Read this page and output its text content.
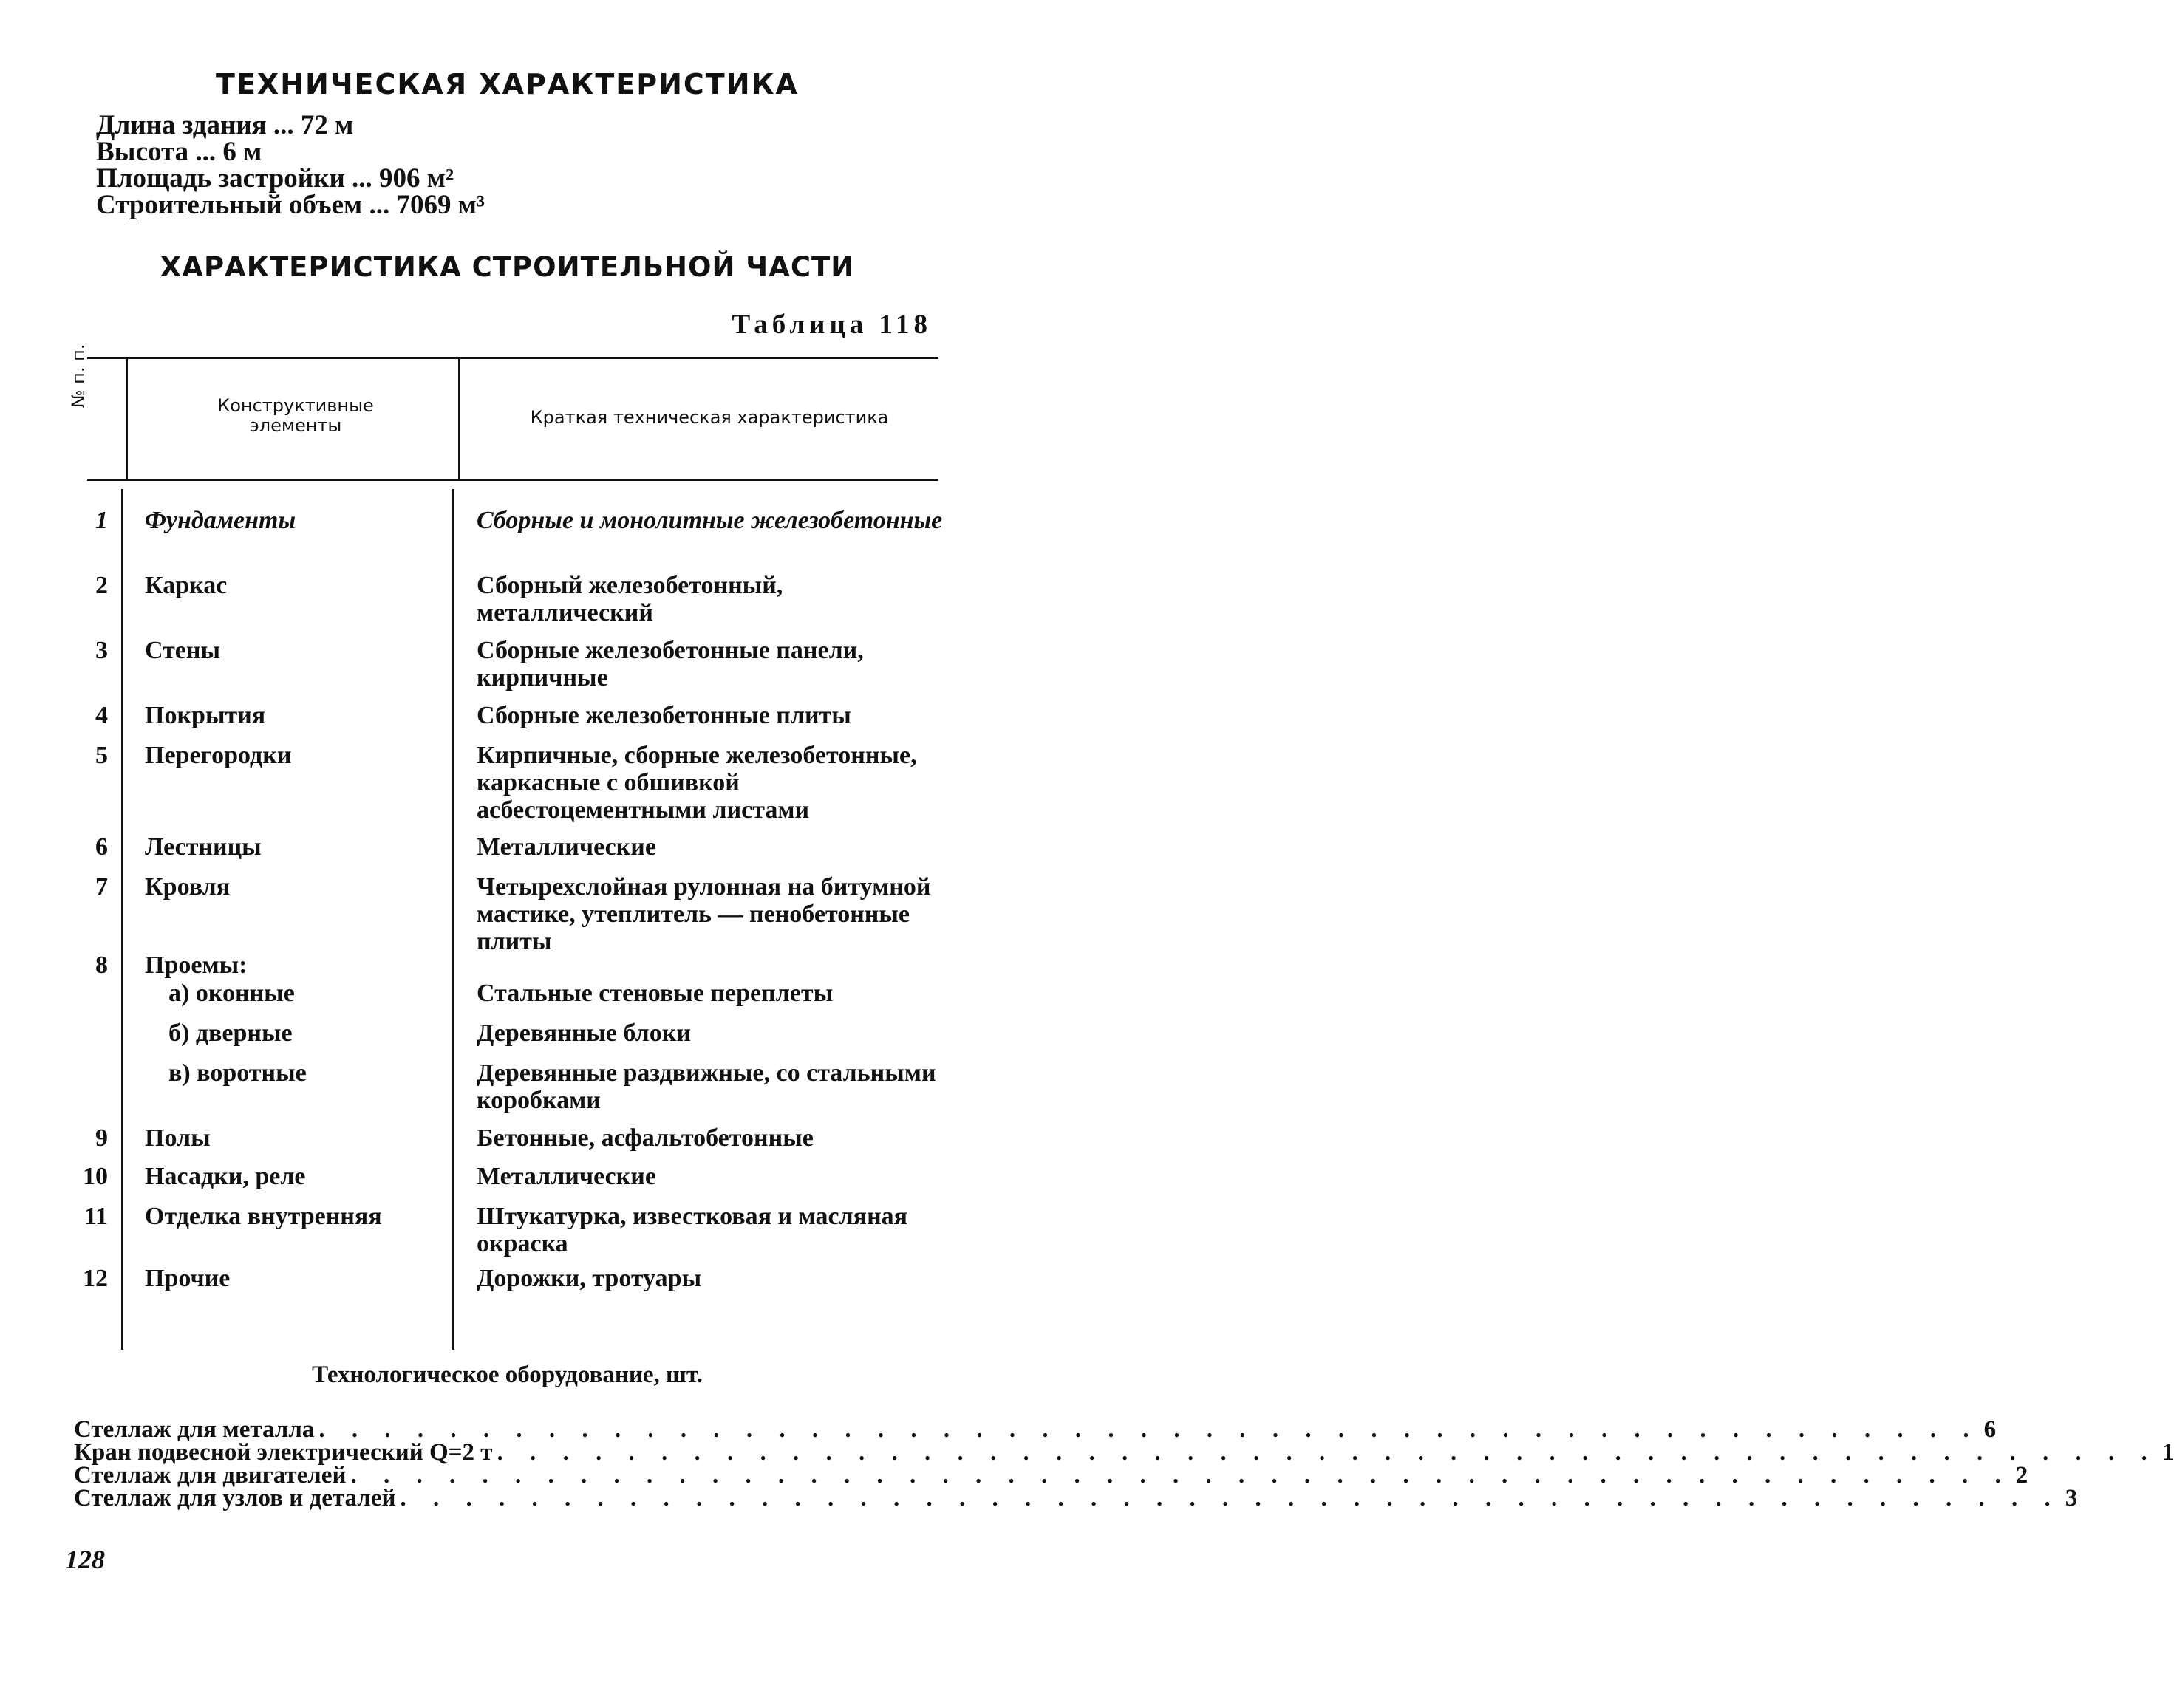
ТЕХНИЧЕСКАЯ ХАРАКТЕРИСТИКА
Длина здания ... 72 м
Высота ... 6 м
Площадь застройки ... 906 м²
Строительный объем ... 7069 м³
ХАРАКТЕРИСТИКА СТРОИТЕЛЬНОЙ ЧАСТИ
Таблица 118
№ п. п.	Конструктивные элементы	Краткая техническая характеристика
1 Фундаменты	Сборные и монолитные железобетонные
2 Каркас	Сборный железобетонный, металлический
3 Стены	Сборные железобетонные панели, кирпичные
4 Покрытия	Сборные железобетонные плиты
5 Перегородки	Кирпичные, сборные железобетонные, каркасные с обшивкой асбестоцементными листами
6 Лестницы	Металлические
7 Кровля	Четырехслойная рулонная на битумной мастике, утеплитель — пенобетонные плиты
8 Проемы:
а) оконные	Стальные стеновые переплеты
б) дверные	Деревянные блоки
в) воротные	Деревянные раздвижные, со стальными коробками
9 Полы	Бетонные, асфальтобетонные
10 Насадки, реле	Металлические
11 Отделка внутренняя	Штукатурка, известковая и масляная окраска
12 Прочие	Дорожки, тротуары
Технологическое оборудование, шт.
Стеллаж для металла . . . . . . . . . . . . . . . . . . . . . . . . . . . . . . . . . . . . . . . . . . . . . . . . . . . 6
Кран подвесной электрический Q=2 т . . . . . . . . . . . . . . . . . . . . . . . . . . . . . . . . . . . . . . . . . . . . . . . . . . . 1
Стеллаж для двигателей . . . . . . . . . . . . . . . . . . . . . . . . . . . . . . . . . . . . . . . . . . . . . . . . . . . 2
Стеллаж для узлов и деталей . . . . . . . . . . . . . . . . . . . . . . . . . . . . . . . . . . . . . . . . . . . . . . . . . . . 3
128
